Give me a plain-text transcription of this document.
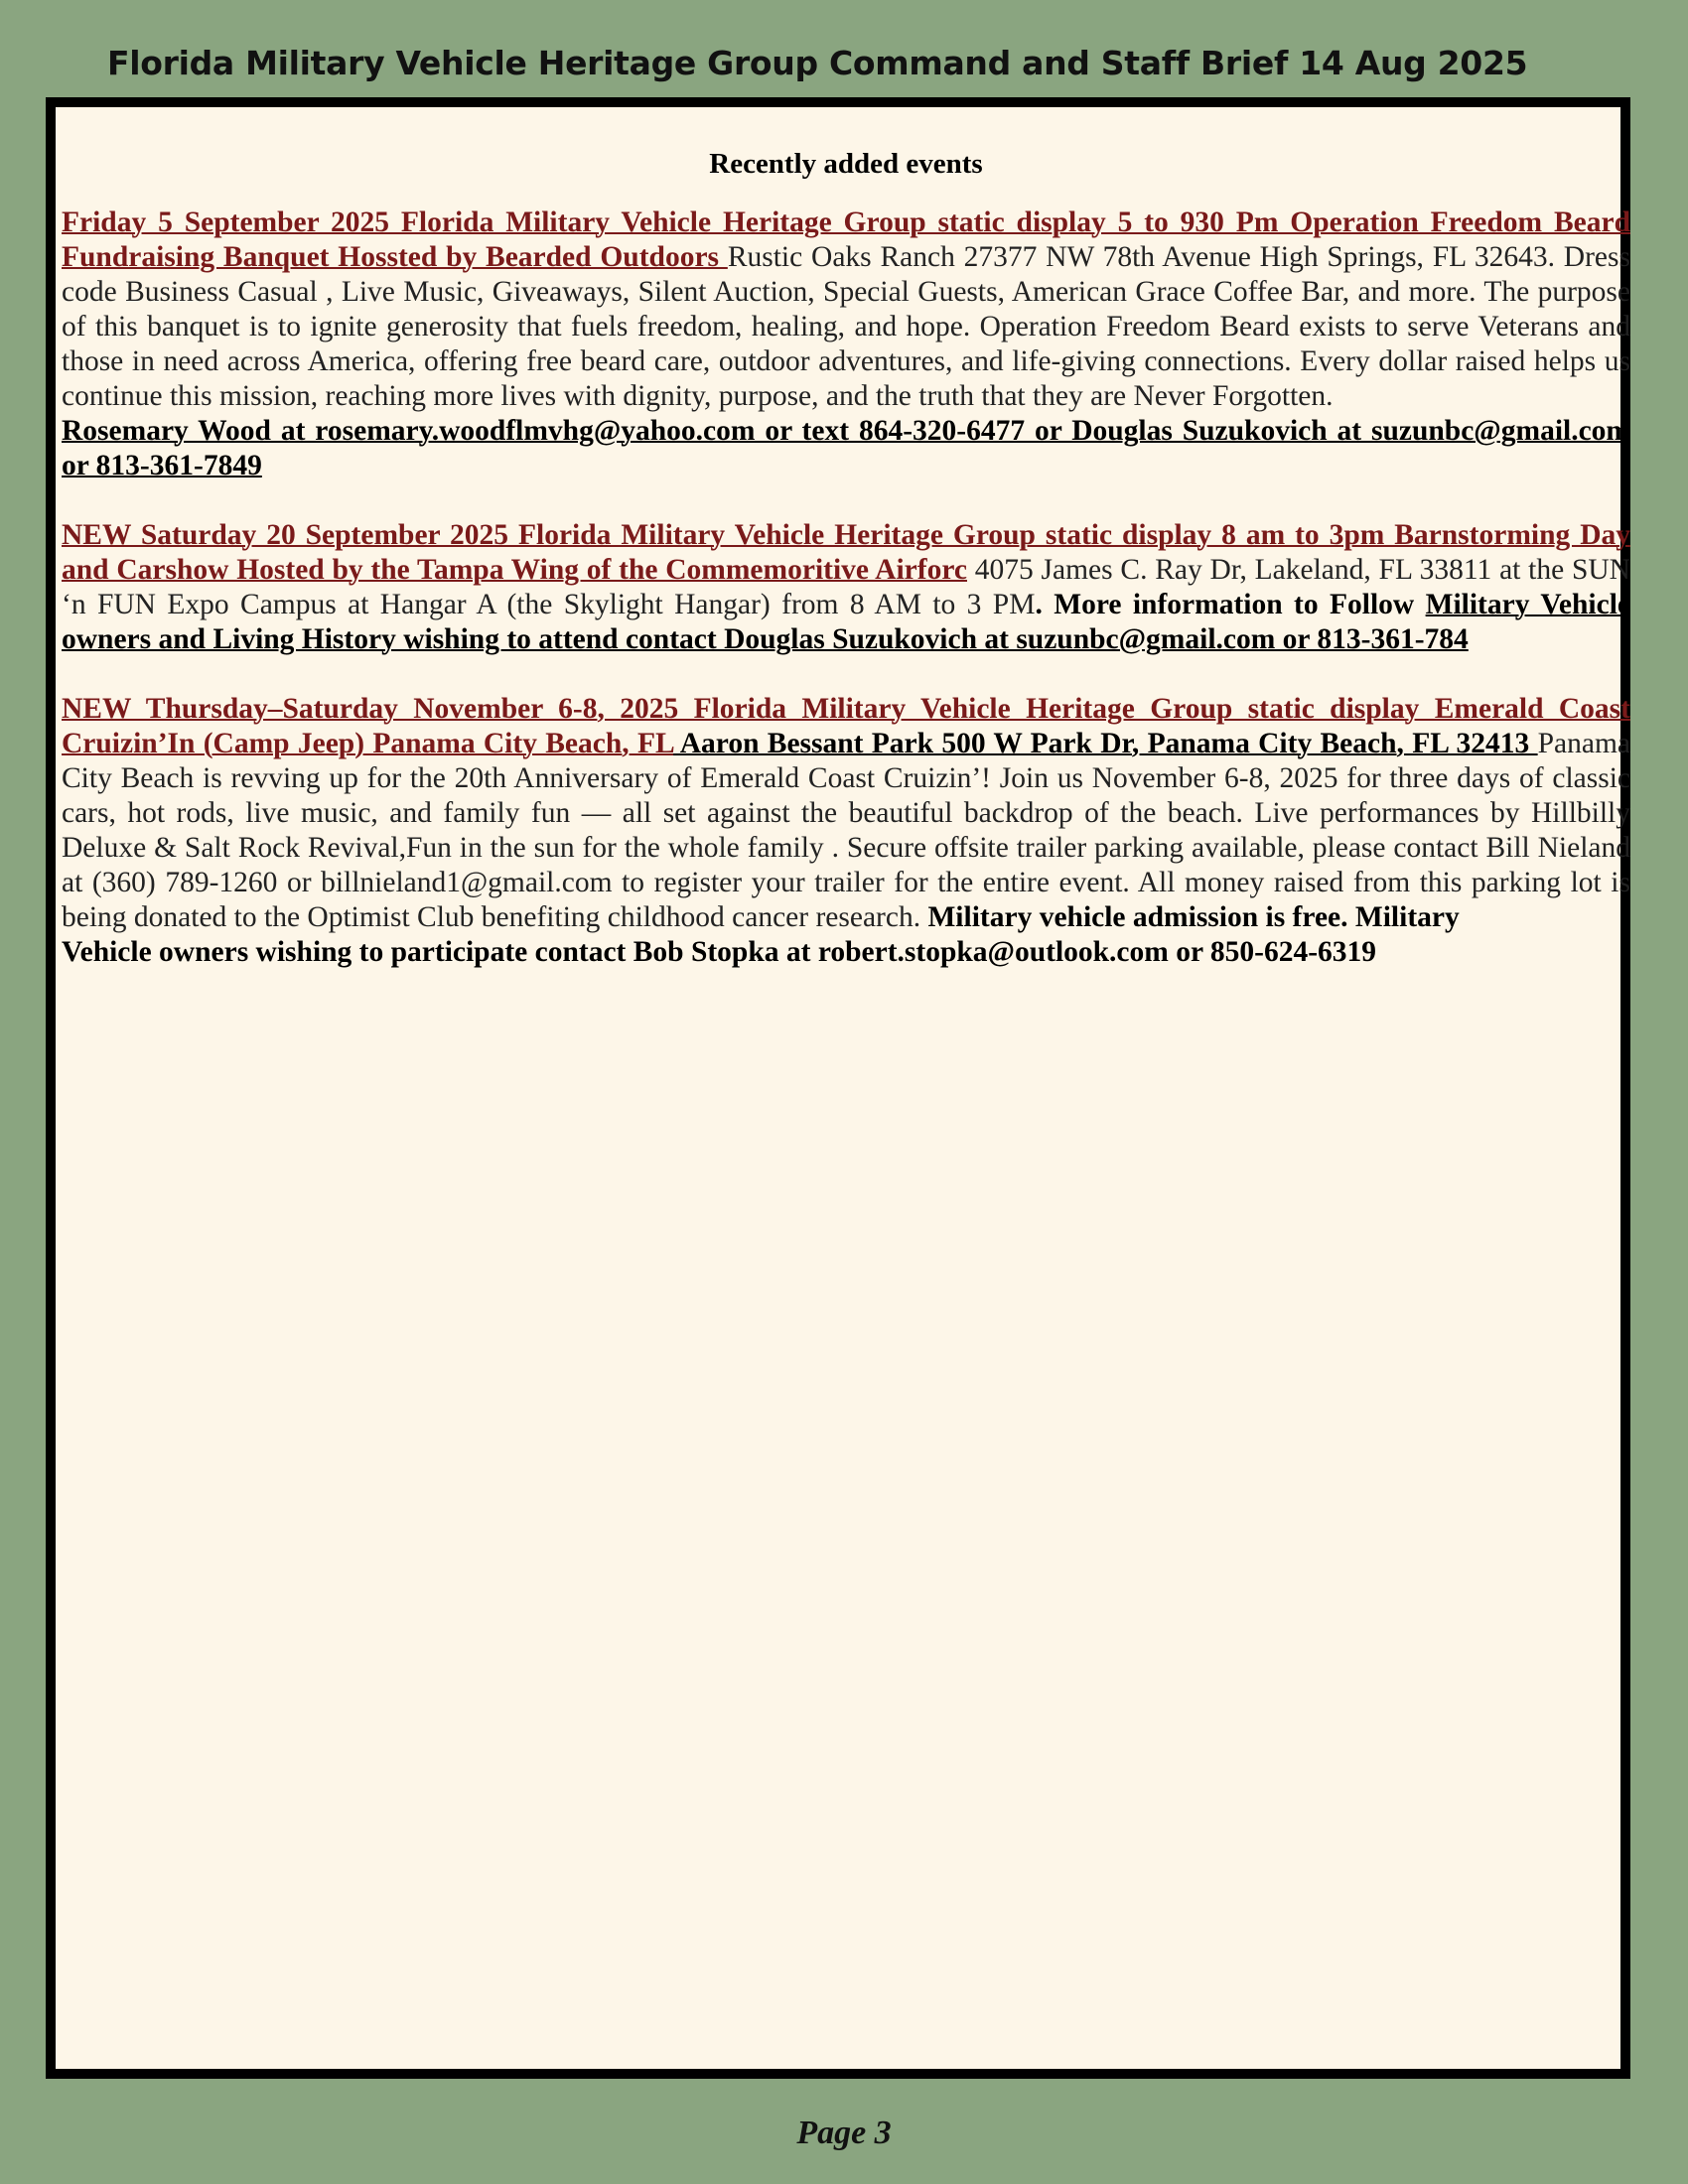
Florida Military Vehicle Heritage Group Command and Staff Brief 14 Aug 2025
Recently added events

Friday 5 September 2025 Florida Military Vehicle Heritage Group static display 5 to 930 Pm Operation Freedom Beard Fundraising Banquet Hossted by Bearded Outdoors Rustic Oaks Ranch 27377 NW 78th Avenue High Springs, FL 32643. Dress code Business Casual , Live Music, Giveaways, Silent Auction, Special Guests, American Grace Coffee Bar, and more. The purpose of this banquet is to ignite generosity that fuels freedom, healing, and hope. Operation Freedom Beard exists to serve Veterans and those in need across America, offering free beard care, outdoor adventures, and life-giving connections. Every dollar raised helps us continue this mission, reaching more lives with dignity, purpose, and the truth that they are Never Forgotten.
Rosemary Wood at rosemary.woodflmvhg@yahoo.com or text 864-320-6477 or Douglas Suzukovich at suzunbc@gmail.com or 813-361-7849

NEW Saturday 20 September 2025 Florida Military Vehicle Heritage Group static display 8 am to 3pm Barnstorming Day and Carshow Hosted by the Tampa Wing of the Commemoritive Airforc 4075 James C. Ray Dr, Lakeland, FL 33811 at the SUN ‘n FUN Expo Campus at Hangar A (the Skylight Hangar) from 8 AM to 3 PM. More information to Follow Military Vehicle owners and Living History wishing to attend contact Douglas Suzukovich at suzunbc@gmail.com or 813-361-784

NEW Thursday–Saturday November 6-8, 2025 Florida Military Vehicle Heritage Group static display Emerald Coast Cruizin’In (Camp Jeep) Panama City Beach, FL Aaron Bessant Park 500 W Park Dr, Panama City Beach, FL 32413 Panama City Beach is revving up for the 20th Anniversary of Emerald Coast Cruizin’! Join us November 6-8, 2025 for three days of classic cars, hot rods, live music, and family fun — all set against the beautiful backdrop of the beach. Live performances by Hillbilly Deluxe & Salt Rock Revival,Fun in the sun for the whole family . Secure offsite trailer parking available, please contact Bill Nieland at (360) 789-1260 or billnieland1@gmail.com to register your trailer for the entire event. All money raised from this parking lot is being donated to the Optimist Club benefiting childhood cancer research. Military vehicle admission is free. Military
Vehicle owners wishing to participate contact Bob Stopka at robert.stopka@outlook.com or 850-624-6319

Page 3
